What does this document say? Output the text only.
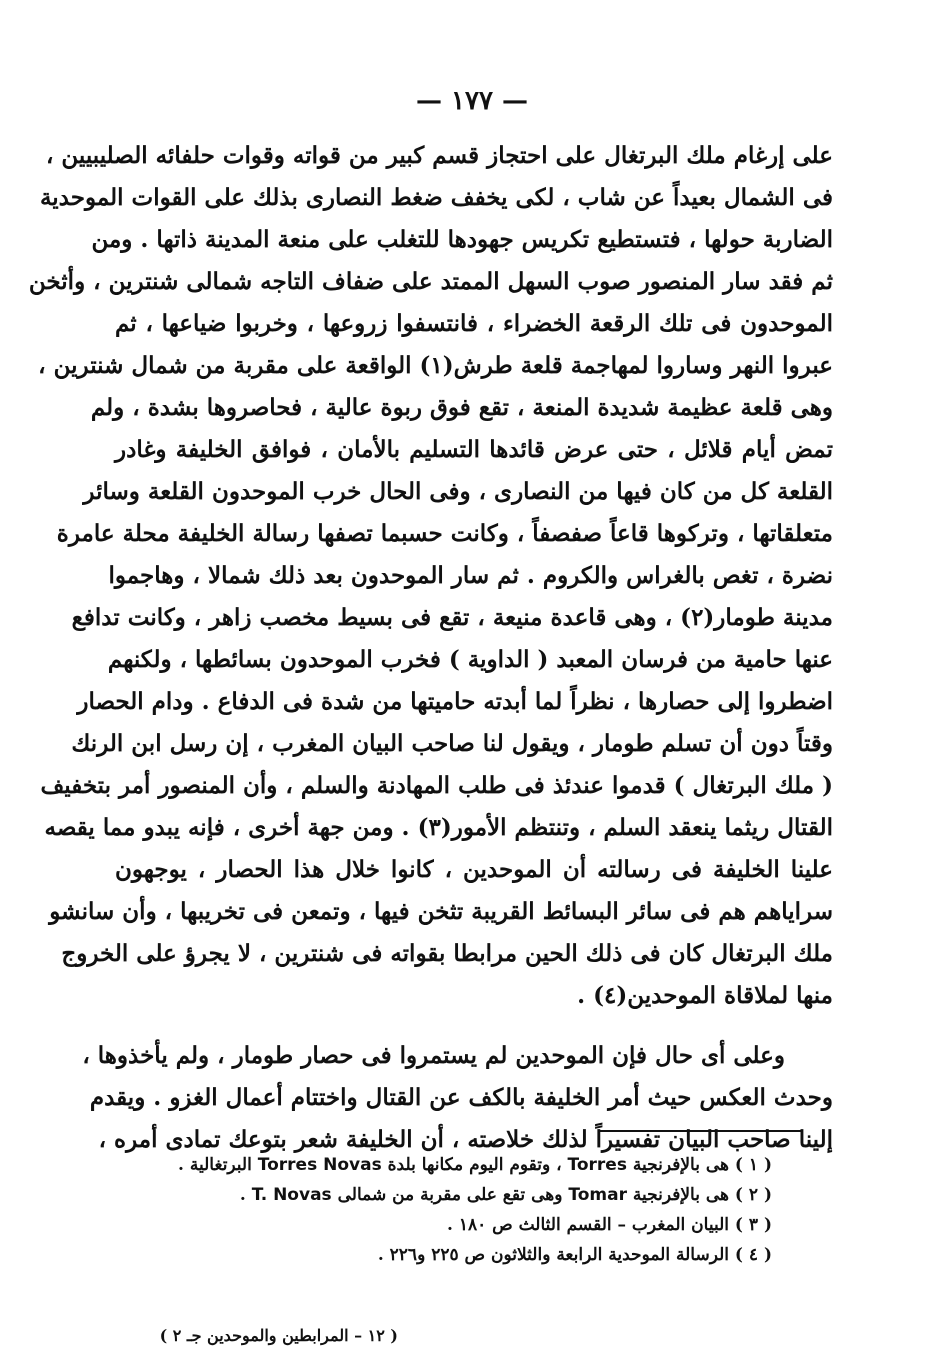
— ١٧٧ —
على إرغام ملك البرتغال على احتجاز قسم كبير من قواته وقوات حلفائه الصليبيين ،
فى الشمال بعيداً عن شاب ، لكى يخفف ضغط النصارى بذلك على القوات الموحدية
الضاربة حولها ، فتستطيع تكريس جهودها للتغلب على منعة المدينة ذاتها . ومن
ثم فقد سار المنصور صوب السهل الممتد على ضفاف التاجه شمالى شنترين ، وأثخن
الموحدون فى تلك الرقعة الخضراء ، فانتسفوا زروعها ، وخربوا ضياعها ، ثم
عبروا النهر وساروا لمهاجمة قلعة طرش(١) الواقعة على مقربة من شمال شنترين ،
وهى قلعة عظيمة شديدة المنعة ، تقع فوق ربوة عالية ، فحاصروها بشدة ، ولم
تمض أيام قلائل ، حتى عرض قائدها التسليم بالأمان ، فوافق الخليفة وغادر
القلعة كل من كان فيها من النصارى ، وفى الحال خرب الموحدون القلعة وسائر
متعلقاتها ، وتركوها قاعاً صفصفاً ، وكانت حسبما تصفها رسالة الخليفة محلة عامرة
نضرة ، تغص بالغراس والكروم . ثم سار الموحدون بعد ذلك شمالا ، وهاجموا
مدينة طومار(٢) ، وهى قاعدة منيعة ، تقع فى بسيط مخصب زاهر ، وكانت تدافع
عنها حامية من فرسان المعبد ( الداوية ) فخرب الموحدون بسائطها ، ولكنهم
اضطروا إلى حصارها ، نظراً لما أبدته حاميتها من شدة فى الدفاع . ودام الحصار
وقتاً دون أن تسلم طومار ، ويقول لنا صاحب البيان المغرب ، إن رسل ابن الرنك
( ملك البرتغال ) قدموا عندئذ فى طلب المهادنة والسلم ، وأن المنصور أمر بتخفيف
القتال ريثما ينعقد السلم ، وتنتظم الأمور(٣) . ومن جهة أخرى ، فإنه يبدو مما يقصه
علينا الخليفة فى رسالته أن الموحدين ، كانوا خلال هذا الحصار ، يوجهون
سراياهم هم فى سائر البسائط القريبة تثخن فيها ، وتمعن فى تخريبها ، وأن سانشو
ملك البرتغال كان فى ذلك الحين مرابطا بقواته فى شنترين ، لا يجرؤ على الخروج
منها لملاقاة الموحدين(٤) .
وعلى أى حال فإن الموحدين لم يستمروا فى حصار طومار ، ولم يأخذوها ،
وحدث العكس حيث أمر الخليفة بالكف عن القتال واختتام أعمال الغزو . ويقدم
إلينا صاحب البيان تفسيراً لذلك خلاصته ، أن الخليفة شعر بتوعك تمادى أمره ،
( ١ ) هى بالإفرنجية Torres ، وتقوم اليوم مكانها بلدة Torres Novas البرتغالية .
( ٢ ) هى بالإفرنجية Tomar وهى تقع على مقربة من شمالى T. Novas .
( ٣ ) البيان المغرب – القسم الثالث ص ١٨٠ .
( ٤ ) الرسالة الموحدية الرابعة والثلاثون ص ٢٢٥ و٢٢٦ .
( ١٢ – المرابطين والموحدين جـ ٢ )
